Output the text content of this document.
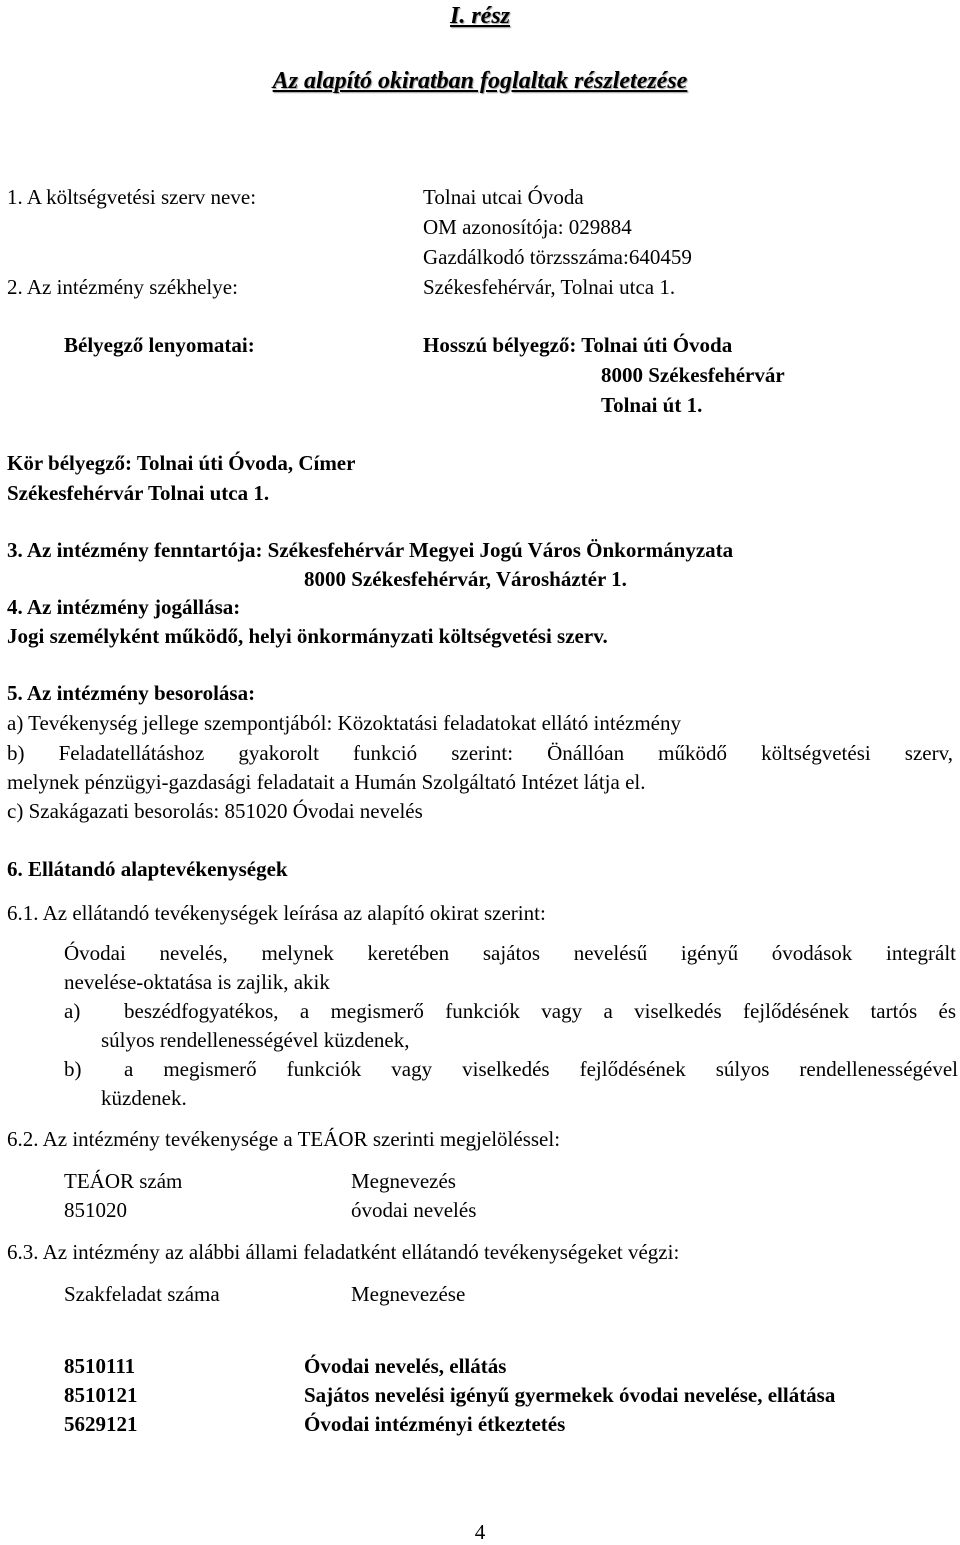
I. rész
Az alapító okiratban foglaltak részletezése
1. A költségvetési szerv neve:	Tolnai utcai Óvoda
OM azonosítója: 029884
Gazdálkodó törzsszáma:640459
2. Az intézmény székhelye:	Székesfehérvár, Tolnai utca 1.
Bélyegző lenyomatai:	Hosszú bélyegző: Tolnai úti Óvoda
8000 Székesfehérvár
Tolnai út 1.
Kör bélyegző: Tolnai úti Óvoda, Címer
Székesfehérvár Tolnai utca 1.
3. Az intézmény fenntartója: Székesfehérvár Megyei Jogú Város Önkormányzata
8000 Székesfehérvár, Városháztér 1.
4. Az intézmény jogállása:
Jogi személyként működő, helyi önkormányzati költségvetési szerv.
5. Az intézmény besorolása:
a) Tevékenység jellege szempontjából: Közoktatási feladatokat ellátó intézmény
b) Feladatellátáshoz gyakorolt funkció szerint: Önállóan működő költségvetési szerv,
melynek pénzügyi-gazdasági feladatait a Humán Szolgáltató Intézet látja el.
c) Szakágazati besorolás: 851020 Óvodai nevelés
6. Ellátandó alaptevékenységek
6.1. Az ellátandó tevékenységek leírása az alapító okirat szerint:
Óvodai nevelés, melynek keretében sajátos nevelésű igényű óvodások integrált
nevelése-oktatása is zajlik, akik
a) beszédfogyatékos, a megismerő funkciók vagy a viselkedés fejlődésének tartós és
súlyos rendellenességével küzdenek,
b) a megismerő funkciók vagy viselkedés fejlődésének súlyos rendellenességével
küzdenek.
6.2. Az intézmény tevékenysége a TEÁOR szerinti megjelöléssel:
TEÁOR szám	Megnevezés
851020	óvodai nevelés
6.3. Az intézmény az alábbi állami feladatként ellátandó tevékenységeket végzi:
Szakfeladat száma	Megnevezése
8510111	Óvodai nevelés, ellátás
8510121	Sajátos nevelési igényű gyermekek óvodai nevelése, ellátása
5629121	Óvodai intézményi étkeztetés
4
